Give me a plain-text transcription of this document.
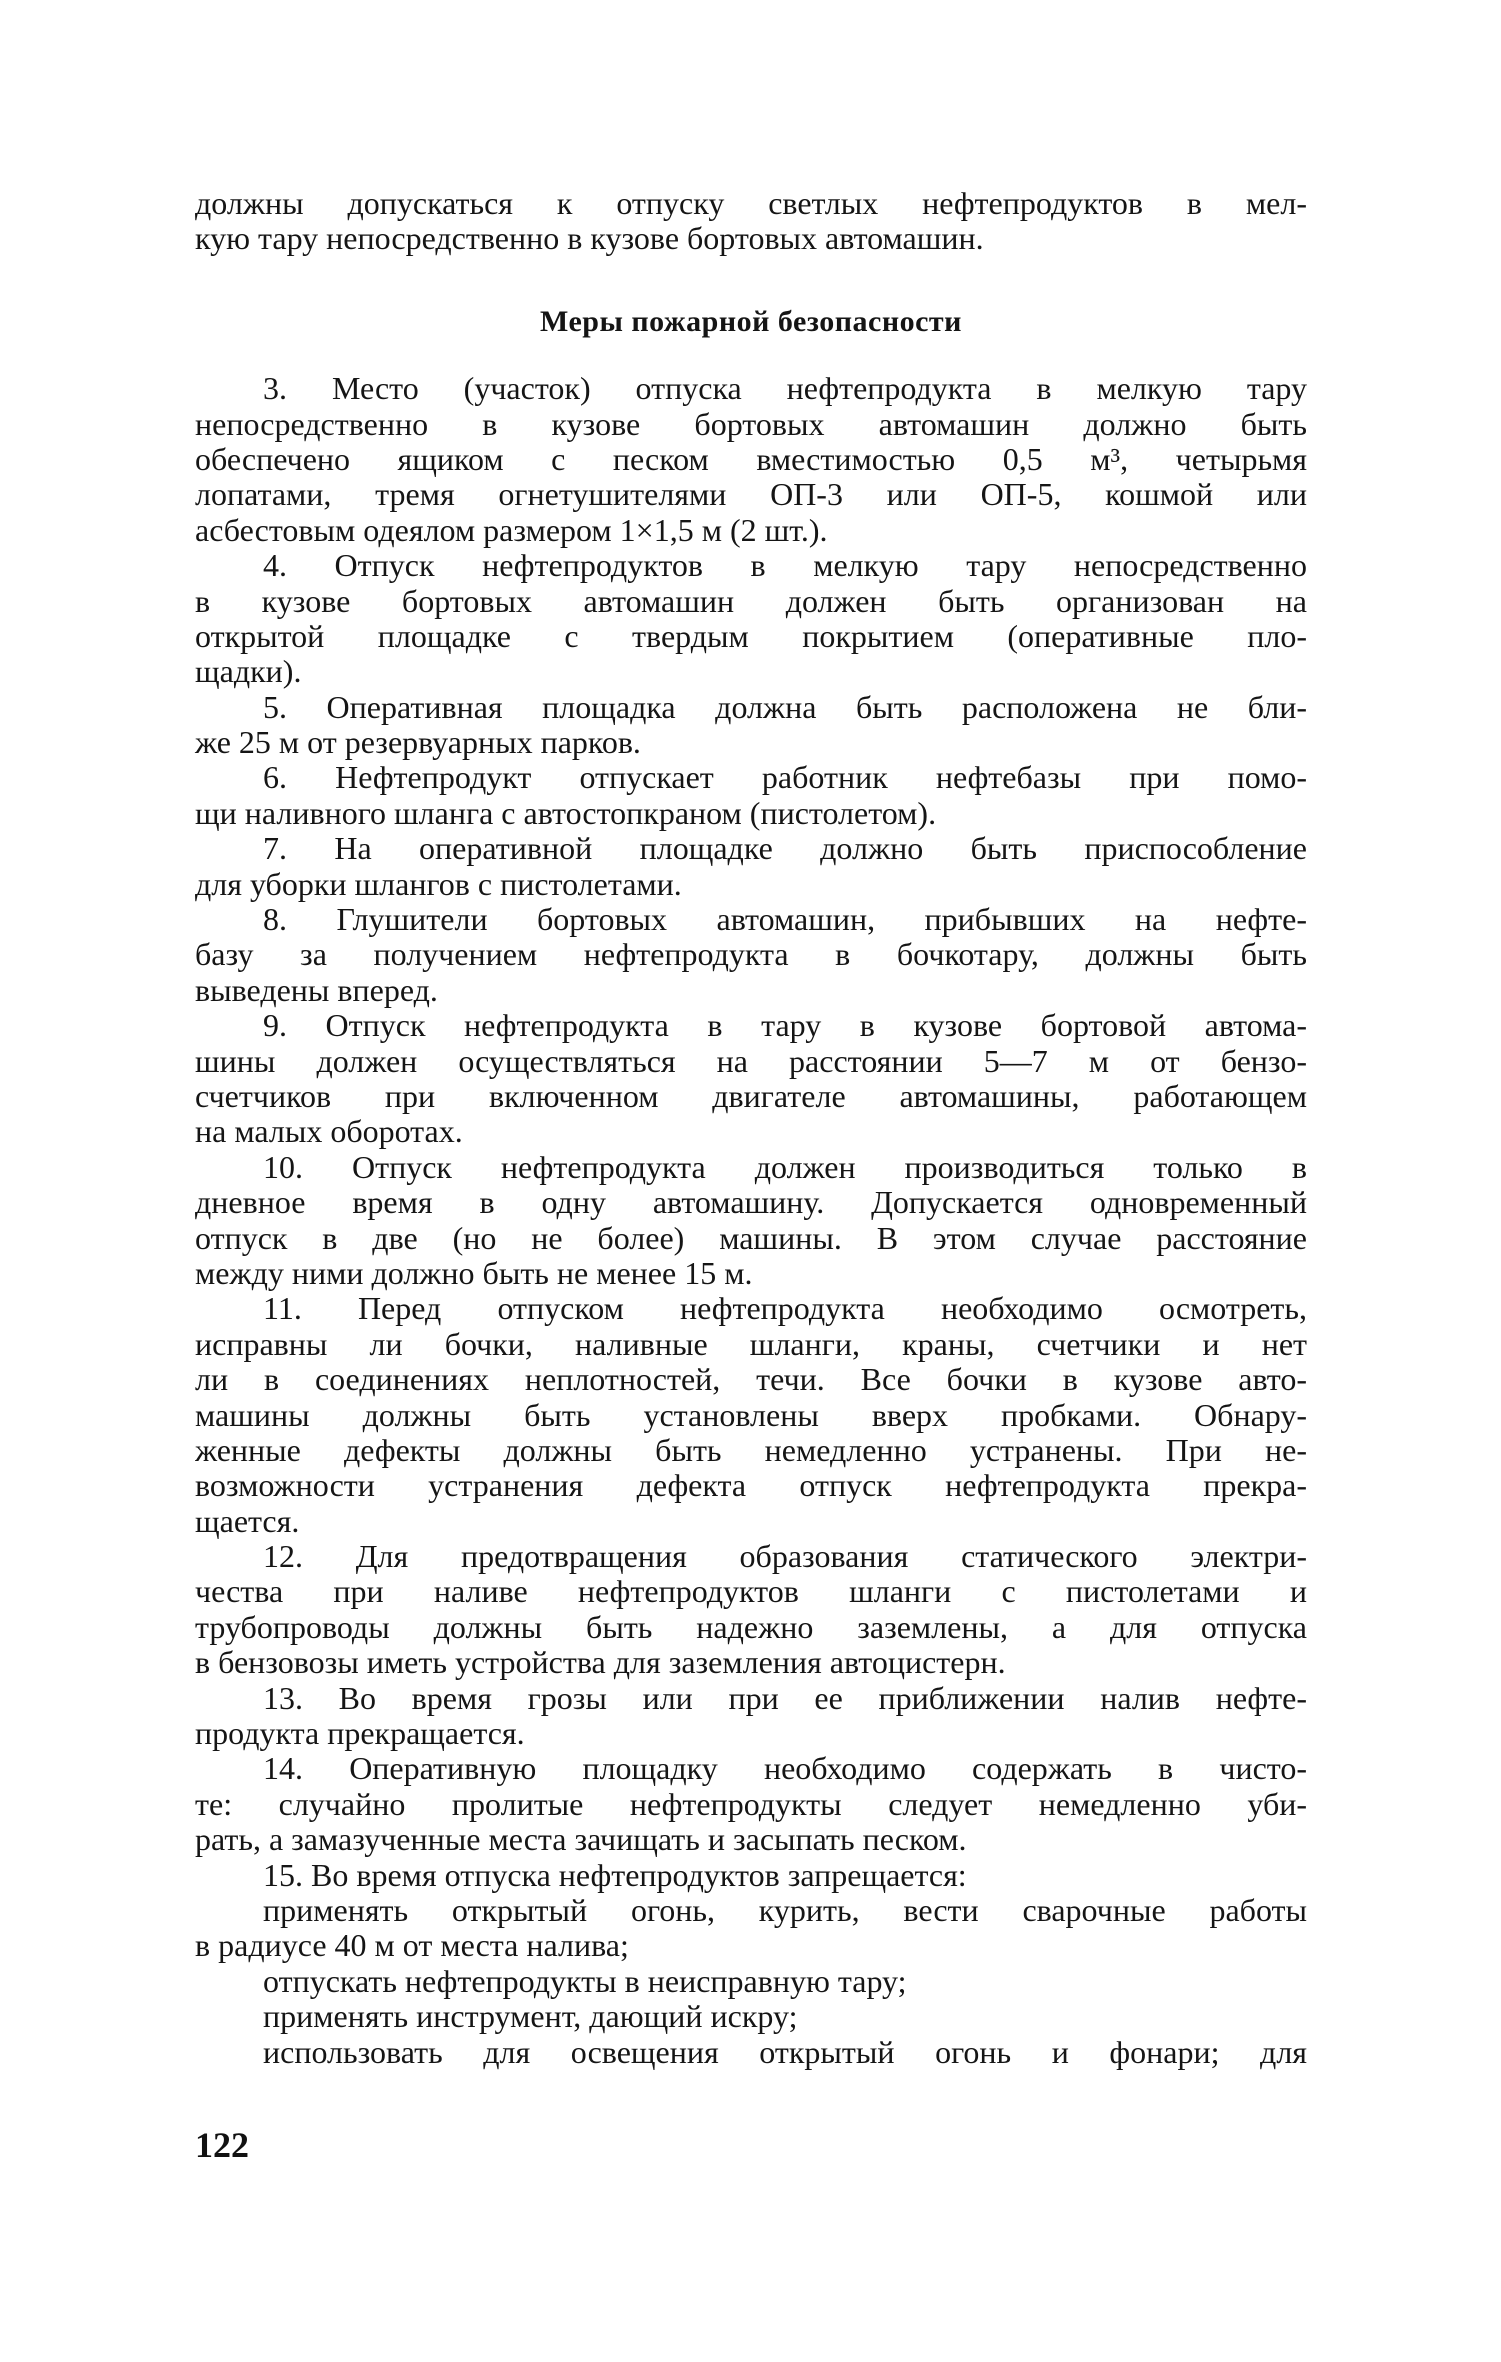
должны допускаться к отпуску светлых нефтепродуктов в мел-
кую тару непосредственно в кузове бортовых автомашин.
Меры пожарной безопасности
3. Место (участок) отпуска нефтепродукта в мелкую тару
непосредственно в кузове бортовых автомашин должно быть
обеспечено ящиком с песком вместимостью 0,5 м³, четырьмя
лопатами, тремя огнетушителями ОП-3 или ОП-5, кошмой или
асбестовым одеялом размером 1×1,5 м (2 шт.).
4. Отпуск нефтепродуктов в мелкую тару непосредственно
в кузове бортовых автомашин должен быть организован на
открытой площадке с твердым покрытием (оперативные пло-
щадки).
5. Оперативная площадка должна быть расположена не бли-
же 25 м от резервуарных парков.
6. Нефтепродукт отпускает работник нефтебазы при помо-
щи наливного шланга с автостопкраном (пистолетом).
7. На оперативной площадке должно быть приспособление
для уборки шлангов с пистолетами.
8. Глушители бортовых автомашин, прибывших на нефте-
базу за получением нефтепродукта в бочкотару, должны быть
выведены вперед.
9. Отпуск нефтепродукта в тару в кузове бортовой автома-
шины должен осуществляться на расстоянии 5—7 м от бензо-
счетчиков при включенном двигателе автомашины, работающем
на малых оборотах.
10. Отпуск нефтепродукта должен производиться только в
дневное время в одну автомашину. Допускается одновременный
отпуск в две (но не более) машины. В этом случае расстояние
между ними должно быть не менее 15 м.
11. Перед отпуском нефтепродукта необходимо осмотреть,
исправны ли бочки, наливные шланги, краны, счетчики и нет
ли в соединениях неплотностей, течи. Все бочки в кузове авто-
машины должны быть установлены вверх пробками. Обнару-
женные дефекты должны быть немедленно устранены. При не-
возможности устранения дефекта отпуск нефтепродукта прекра-
щается.
12. Для предотвращения образования статического электри-
чества при наливе нефтепродуктов шланги с пистолетами и
трубопроводы должны быть надежно заземлены, а для отпуска
в бензовозы иметь устройства для заземления автоцистерн.
13. Во время грозы или при ее приближении налив нефте-
продукта прекращается.
14. Оперативную площадку необходимо содержать в чисто-
те: случайно пролитые нефтепродукты следует немедленно уби-
рать, а замазученные места зачищать и засыпать песком.
15. Во время отпуска нефтепродуктов запрещается:
применять открытый огонь, курить, вести сварочные работы
в радиусе 40 м от места налива;
отпускать нефтепродукты в неисправную тару;
применять инструмент, дающий искру;
использовать для освещения открытый огонь и фонари; для
122
